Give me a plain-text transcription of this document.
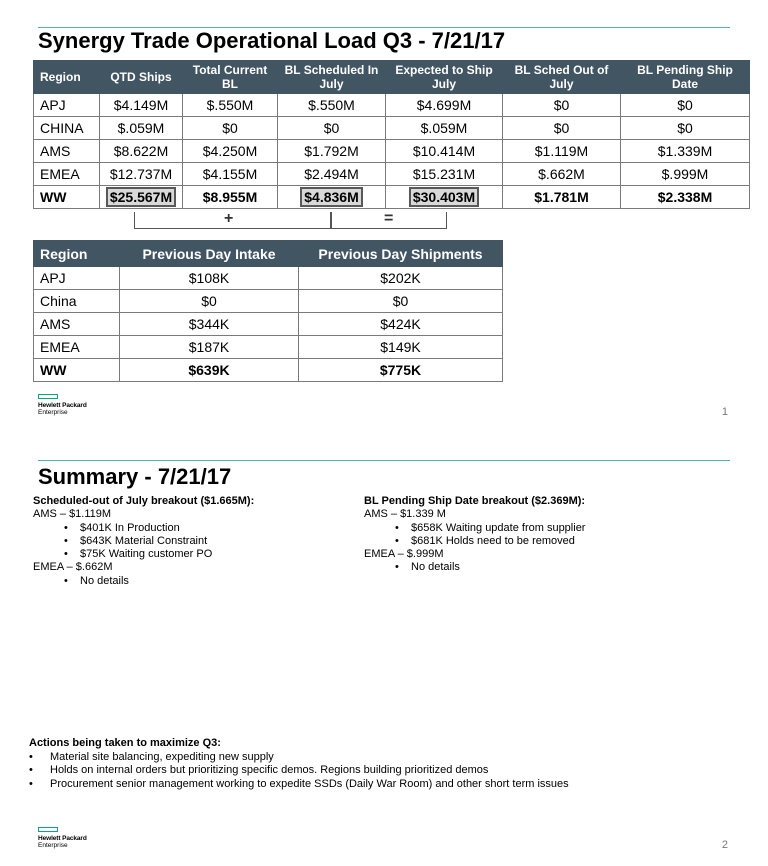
Synergy Trade Operational Load Q3 - 7/21/17
Region	QTD Ships	Total Current BL	BL Scheduled In July	Expected to Ship July	BL Sched Out of July	BL Pending Ship Date
APJ	$4.149M	$.550M	$.550M	$4.699M	$0	$0
CHINA	$.059M	$0	$0	$.059M	$0	$0
AMS	$8.622M	$4.250M	$1.792M	$10.414M	$1.119M	$1.339M
EMEA	$12.737M	$4.155M	$2.494M	$15.231M	$.662M	$.999M
WW	$25.567M	$8.955M	$4.836M	$30.403M	$1.781M	$2.338M
+	=
Region	Previous Day Intake	Previous Day Shipments
APJ	$108K	$202K
China	$0	$0
AMS	$344K	$424K
EMEA	$187K	$149K
WW	$639K	$775K
Hewlett Packard
Enterprise	1
Summary - 7/21/17
Scheduled-out of July breakout ($1.665M):
AMS – $1.119M
• $401K In Production
• $643K Material Constraint
• $75K Waiting customer PO
EMEA – $.662M
• No details
BL Pending Ship Date breakout ($2.369M):
AMS – $1.339 M
• $658K Waiting update from supplier
• $681K Holds need to be removed
EMEA – $.999M
• No details
Actions being taken to maximize Q3:
• Material site balancing, expediting new supply
• Holds on internal orders but prioritizing specific demos. Regions building prioritized demos
• Procurement senior management working to expedite SSDs (Daily War Room) and other short term issues
Hewlett Packard
Enterprise	2
